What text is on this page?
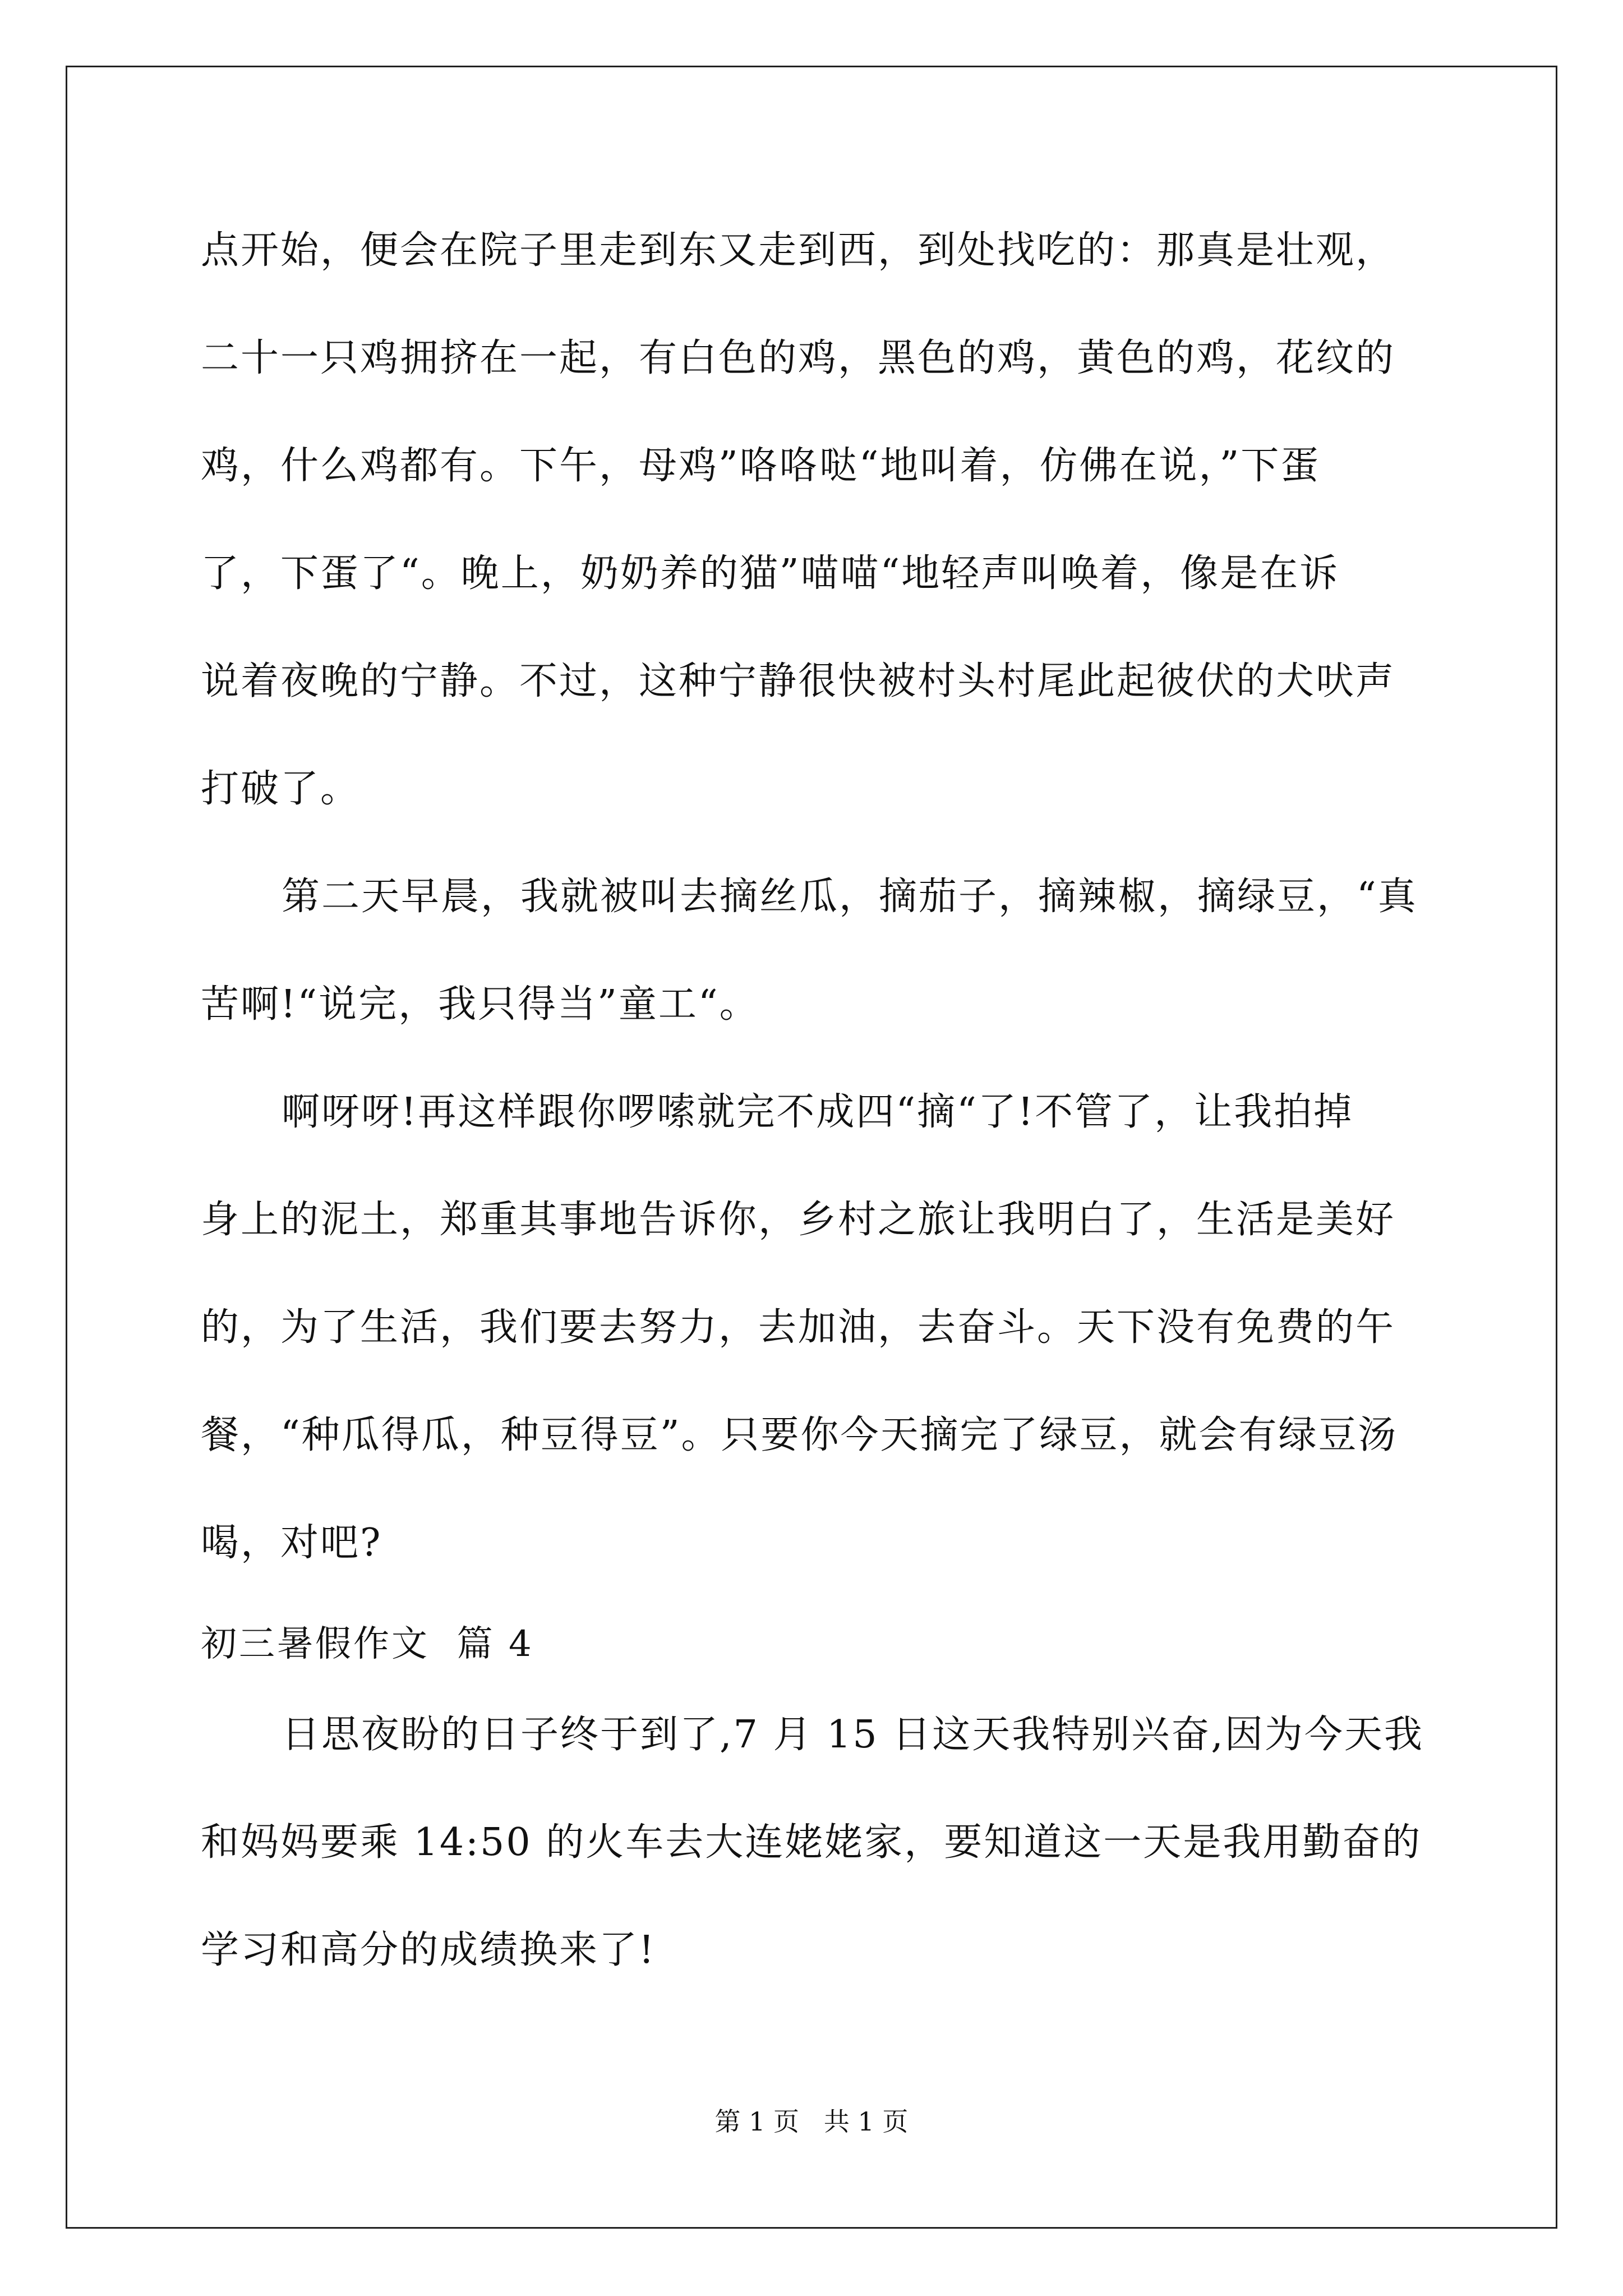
点开始，便会在院子里走到东又走到西，到处找吃的：那真是壮观，
二十一只鸡拥挤在一起，有白色的鸡，黑色的鸡，黄色的鸡，花纹的
鸡，什么鸡都有。下午，母鸡”咯咯哒“地叫着，仿佛在说，”下蛋
了，下蛋了“。晚上，奶奶养的猫”喵喵“地轻声叫唤着，像是在诉
说着夜晚的宁静。不过，这种宁静很快被村头村尾此起彼伏的犬吠声
打破了。
第二天早晨，我就被叫去摘丝瓜，摘茄子，摘辣椒，摘绿豆，“真
苦啊!“说完，我只得当”童工“。
啊呀呀!再这样跟你啰嗦就完不成四“摘“了!不管了，让我拍掉
身上的泥土，郑重其事地告诉你，乡村之旅让我明白了，生活是美好
的，为了生活，我们要去努力，去加油，去奋斗。天下没有免费的午
餐，“种瓜得瓜，种豆得豆”。只要你今天摘完了绿豆，就会有绿豆汤
喝，对吧?
初三暑假作文  篇 4
日思夜盼的日子终于到了,7 月 15 日这天我特别兴奋,因为今天我
和妈妈要乘 14:50 的火车去大连姥姥家，要知道这一天是我用勤奋的
学习和高分的成绩换来了!
第 1 页   共 1 页
